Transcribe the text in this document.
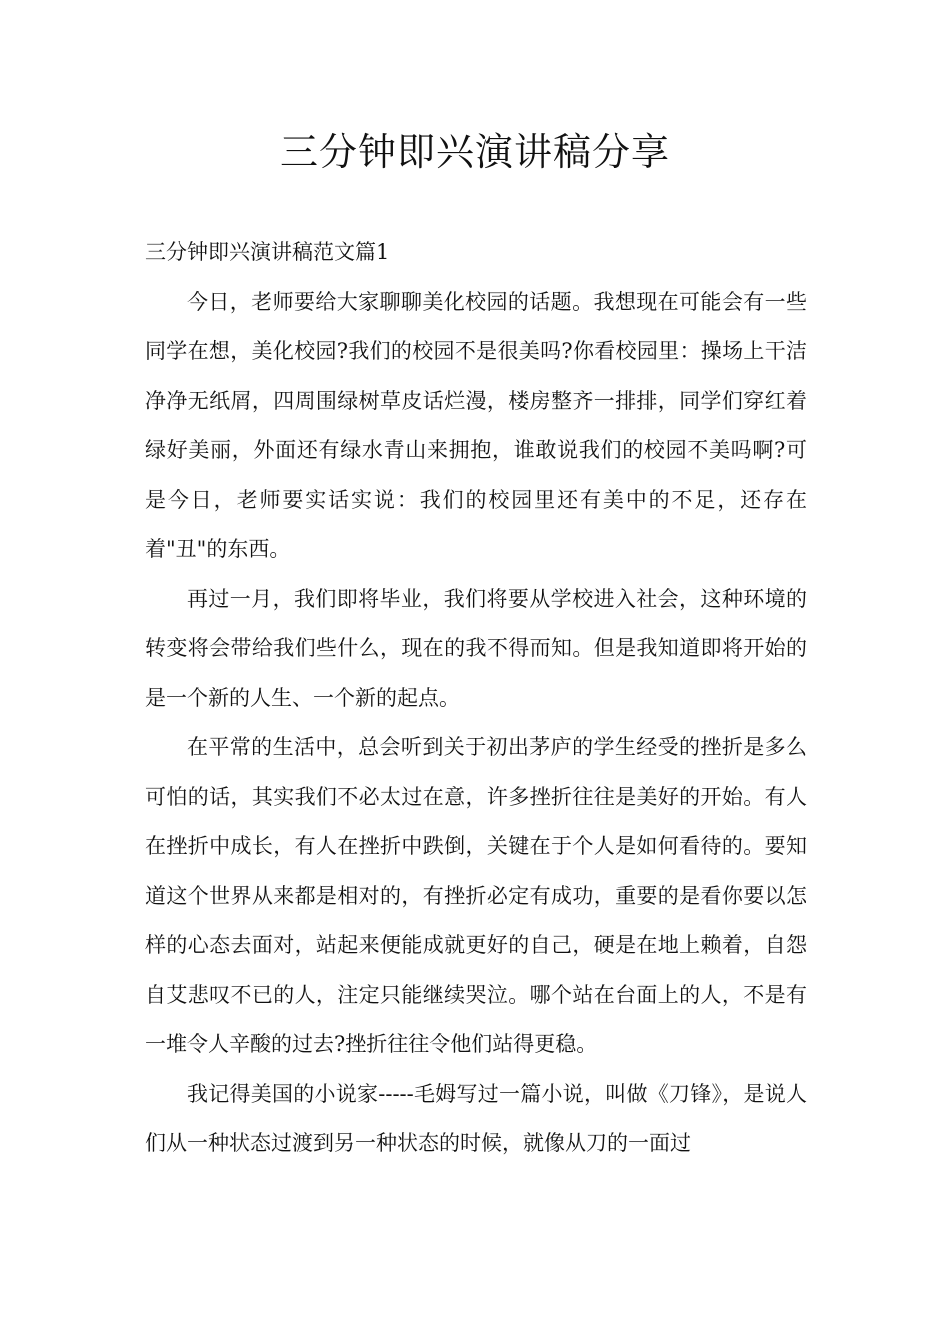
三分钟即兴演讲稿分享

三分钟即兴演讲稿范文篇1

今日，老师要给大家聊聊美化校园的话题。我想现在可能会有一些同学在想，美化校园?我们的校园不是很美吗?你看校园里：操场上干洁净净无纸屑，四周围绿树草皮话烂漫，楼房整齐一排排，同学们穿红着绿好美丽，外面还有绿水青山来拥抱，谁敢说我们的校园不美吗啊?可是今日，老师要实话实说：我们的校园里还有美中的不足，还存在着"丑"的东西。

再过一月，我们即将毕业，我们将要从学校进入社会，这种环境的转变将会带给我们些什么，现在的我不得而知。但是我知道即将开始的是一个新的人生、一个新的起点。

在平常的生活中，总会听到关于初出茅庐的学生经受的挫折是多么可怕的话，其实我们不必太过在意，许多挫折往往是美好的开始。有人在挫折中成长，有人在挫折中跌倒，关键在于个人是如何看待的。要知道这个世界从来都是相对的，有挫折必定有成功，重要的是看你要以怎样的心态去面对，站起来便能成就更好的自己，硬是在地上赖着，自怨自艾悲叹不已的人，注定只能继续哭泣。哪个站在台面上的人，不是有一堆令人辛酸的过去?挫折往往令他们站得更稳。

我记得美国的小说家-----毛姆写过一篇小说，叫做《刀锋》，是说人们从一种状态过渡到另一种状态的时候，就像从刀的一面过
